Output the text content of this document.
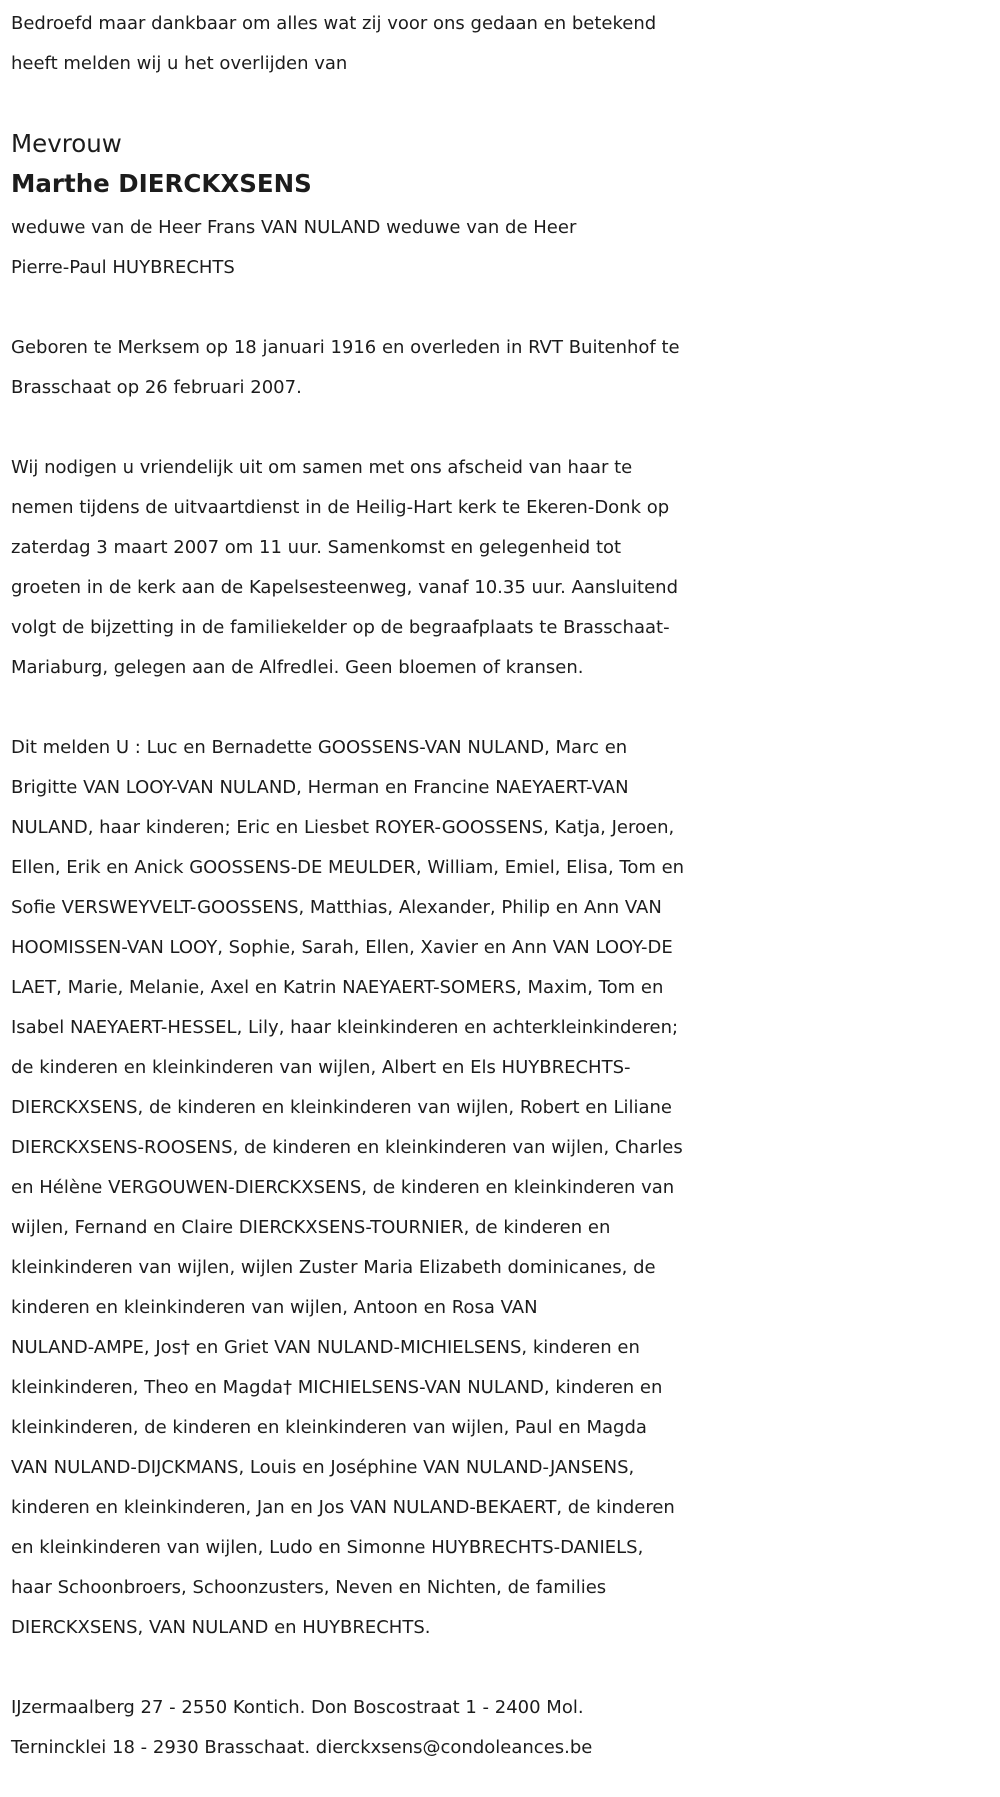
Bedroefd maar dankbaar om alles wat zij voor ons gedaan en betekend
heeft melden wij u het overlijden van

Mevrouw

Marthe DIERCKXSENS

weduwe van de Heer Frans VAN NULAND weduwe van de Heer
Pierre-Paul HUYBRECHTS

Geboren te Merksem op 18 januari 1916 en overleden in RVT Buitenhof te
Brasschaat op 26 februari 2007.

Wij nodigen u vriendelijk uit om samen met ons afscheid van haar te
nemen tijdens de uitvaartdienst in de Heilig-Hart kerk te Ekeren-Donk op
zaterdag 3 maart 2007 om 11 uur. Samenkomst en gelegenheid tot
groeten in de kerk aan de Kapelsesteenweg, vanaf 10.35 uur. Aansluitend
volgt de bijzetting in de familiekelder op de begraafplaats te Brasschaat-
Mariaburg, gelegen aan de Alfredlei. Geen bloemen of kransen.

Dit melden U : Luc en Bernadette GOOSSENS-VAN NULAND, Marc en
Brigitte VAN LOOY-VAN NULAND, Herman en Francine NAEYAERT-VAN
NULAND, haar kinderen; Eric en Liesbet ROYER-GOOSSENS, Katja, Jeroen,
Ellen, Erik en Anick GOOSSENS-DE MEULDER, William, Emiel, Elisa, Tom en
Sofie VERSWEYVELT-GOOSSENS, Matthias, Alexander, Philip en Ann VAN
HOOMISSEN-VAN LOOY, Sophie, Sarah, Ellen, Xavier en Ann VAN LOOY-DE
LAET, Marie, Melanie, Axel en Katrin NAEYAERT-SOMERS, Maxim, Tom en
Isabel NAEYAERT-HESSEL, Lily, haar kleinkinderen en achterkleinkinderen;
de kinderen en kleinkinderen van wijlen, Albert en Els HUYBRECHTS-
DIERCKXSENS, de kinderen en kleinkinderen van wijlen, Robert en Liliane
DIERCKXSENS-ROOSENS, de kinderen en kleinkinderen van wijlen, Charles
en Hélène VERGOUWEN-DIERCKXSENS, de kinderen en kleinkinderen van
wijlen, Fernand en Claire DIERCKXSENS-TOURNIER, de kinderen en
kleinkinderen van wijlen, wijlen Zuster Maria Elizabeth dominicanes, de
kinderen en kleinkinderen van wijlen, Antoon en Rosa VAN
NULAND-AMPE, Jos† en Griet VAN NULAND-MICHIELSENS, kinderen en
kleinkinderen, Theo en Magda† MICHIELSENS-VAN NULAND, kinderen en
kleinkinderen, de kinderen en kleinkinderen van wijlen, Paul en Magda
VAN NULAND-DIJCKMANS, Louis en Joséphine VAN NULAND-JANSENS,
kinderen en kleinkinderen, Jan en Jos VAN NULAND-BEKAERT, de kinderen
en kleinkinderen van wijlen, Ludo en Simonne HUYBRECHTS-DANIELS,
haar Schoonbroers, Schoonzusters, Neven en Nichten, de families
DIERCKXSENS, VAN NULAND en HUYBRECHTS.

IJzermaalberg 27 - 2550 Kontich. Don Boscostraat 1 - 2400 Mol.
Ternincklei 18 - 2930 Brasschaat. dierckxsens@condoleances.be
